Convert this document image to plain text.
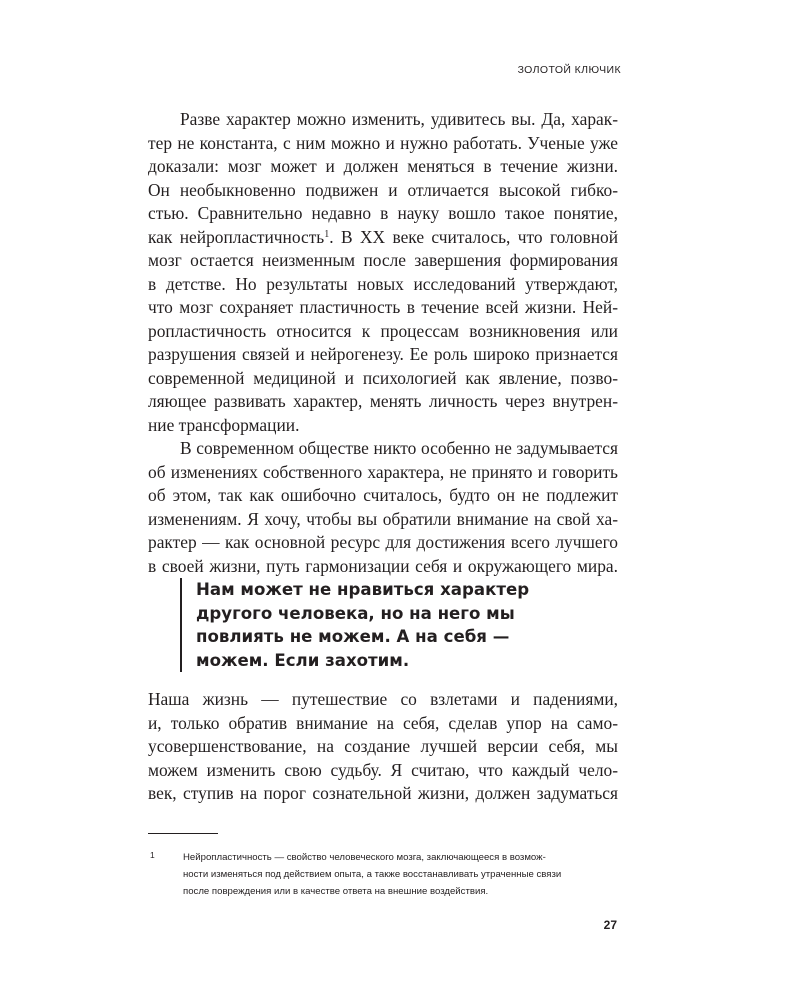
ЗОЛОТОЙ КЛЮЧИК
Разве характер можно изменить, удивитесь вы. Да, харак-
тер не константа, с ним можно и нужно работать. Ученые уже
доказали: мозг может и должен меняться в течение жизни.
Он необыкновенно подвижен и отличается высокой гибко-
стью. Сравнительно недавно в науку вошло такое понятие,
как нейропластичность$^1$. В XX веке считалось, что головной
мозг остается неизменным после завершения формирования
в детстве. Но результаты новых исследований утверждают,
что мозг сохраняет пластичность в течение всей жизни. Ней-
ропластичность относится к процессам возникновения или
разрушения связей и нейрогенезу. Ее роль широко признается
современной медициной и психологией как явление, позво-
ляющее развивать характер, менять личность через внутрен-
ние трансформации.
В современном обществе никто особенно не задумывается
об изменениях собственного характера, не принято и говорить
об этом, так как ошибочно считалось, будто он не подлежит
изменениям. Я хочу, чтобы вы обратили внимание на свой ха-
рактер — как основной ресурс для достижения всего лучшего
в своей жизни, путь гармонизации себя и окружающего мира.
Нам может не нравиться характер
другого человека, но на него мы
повлиять не можем. А на себя —
можем. Если захотим.
Наша жизнь — путешествие со взлетами и падениями,
и, только обратив внимание на себя, сделав упор на само-
усовершенствование, на создание лучшей версии себя, мы
можем изменить свою судьбу. Я считаю, что каждый чело-
век, ступив на порог сознательной жизни, должен задуматься
1	Нейропластичность — свойство человеческого мозга, заключающееся в возмож-
ности изменяться под действием опыта, а также восстанавливать утраченные связи
после повреждения или в качестве ответа на внешние воздействия.
27
